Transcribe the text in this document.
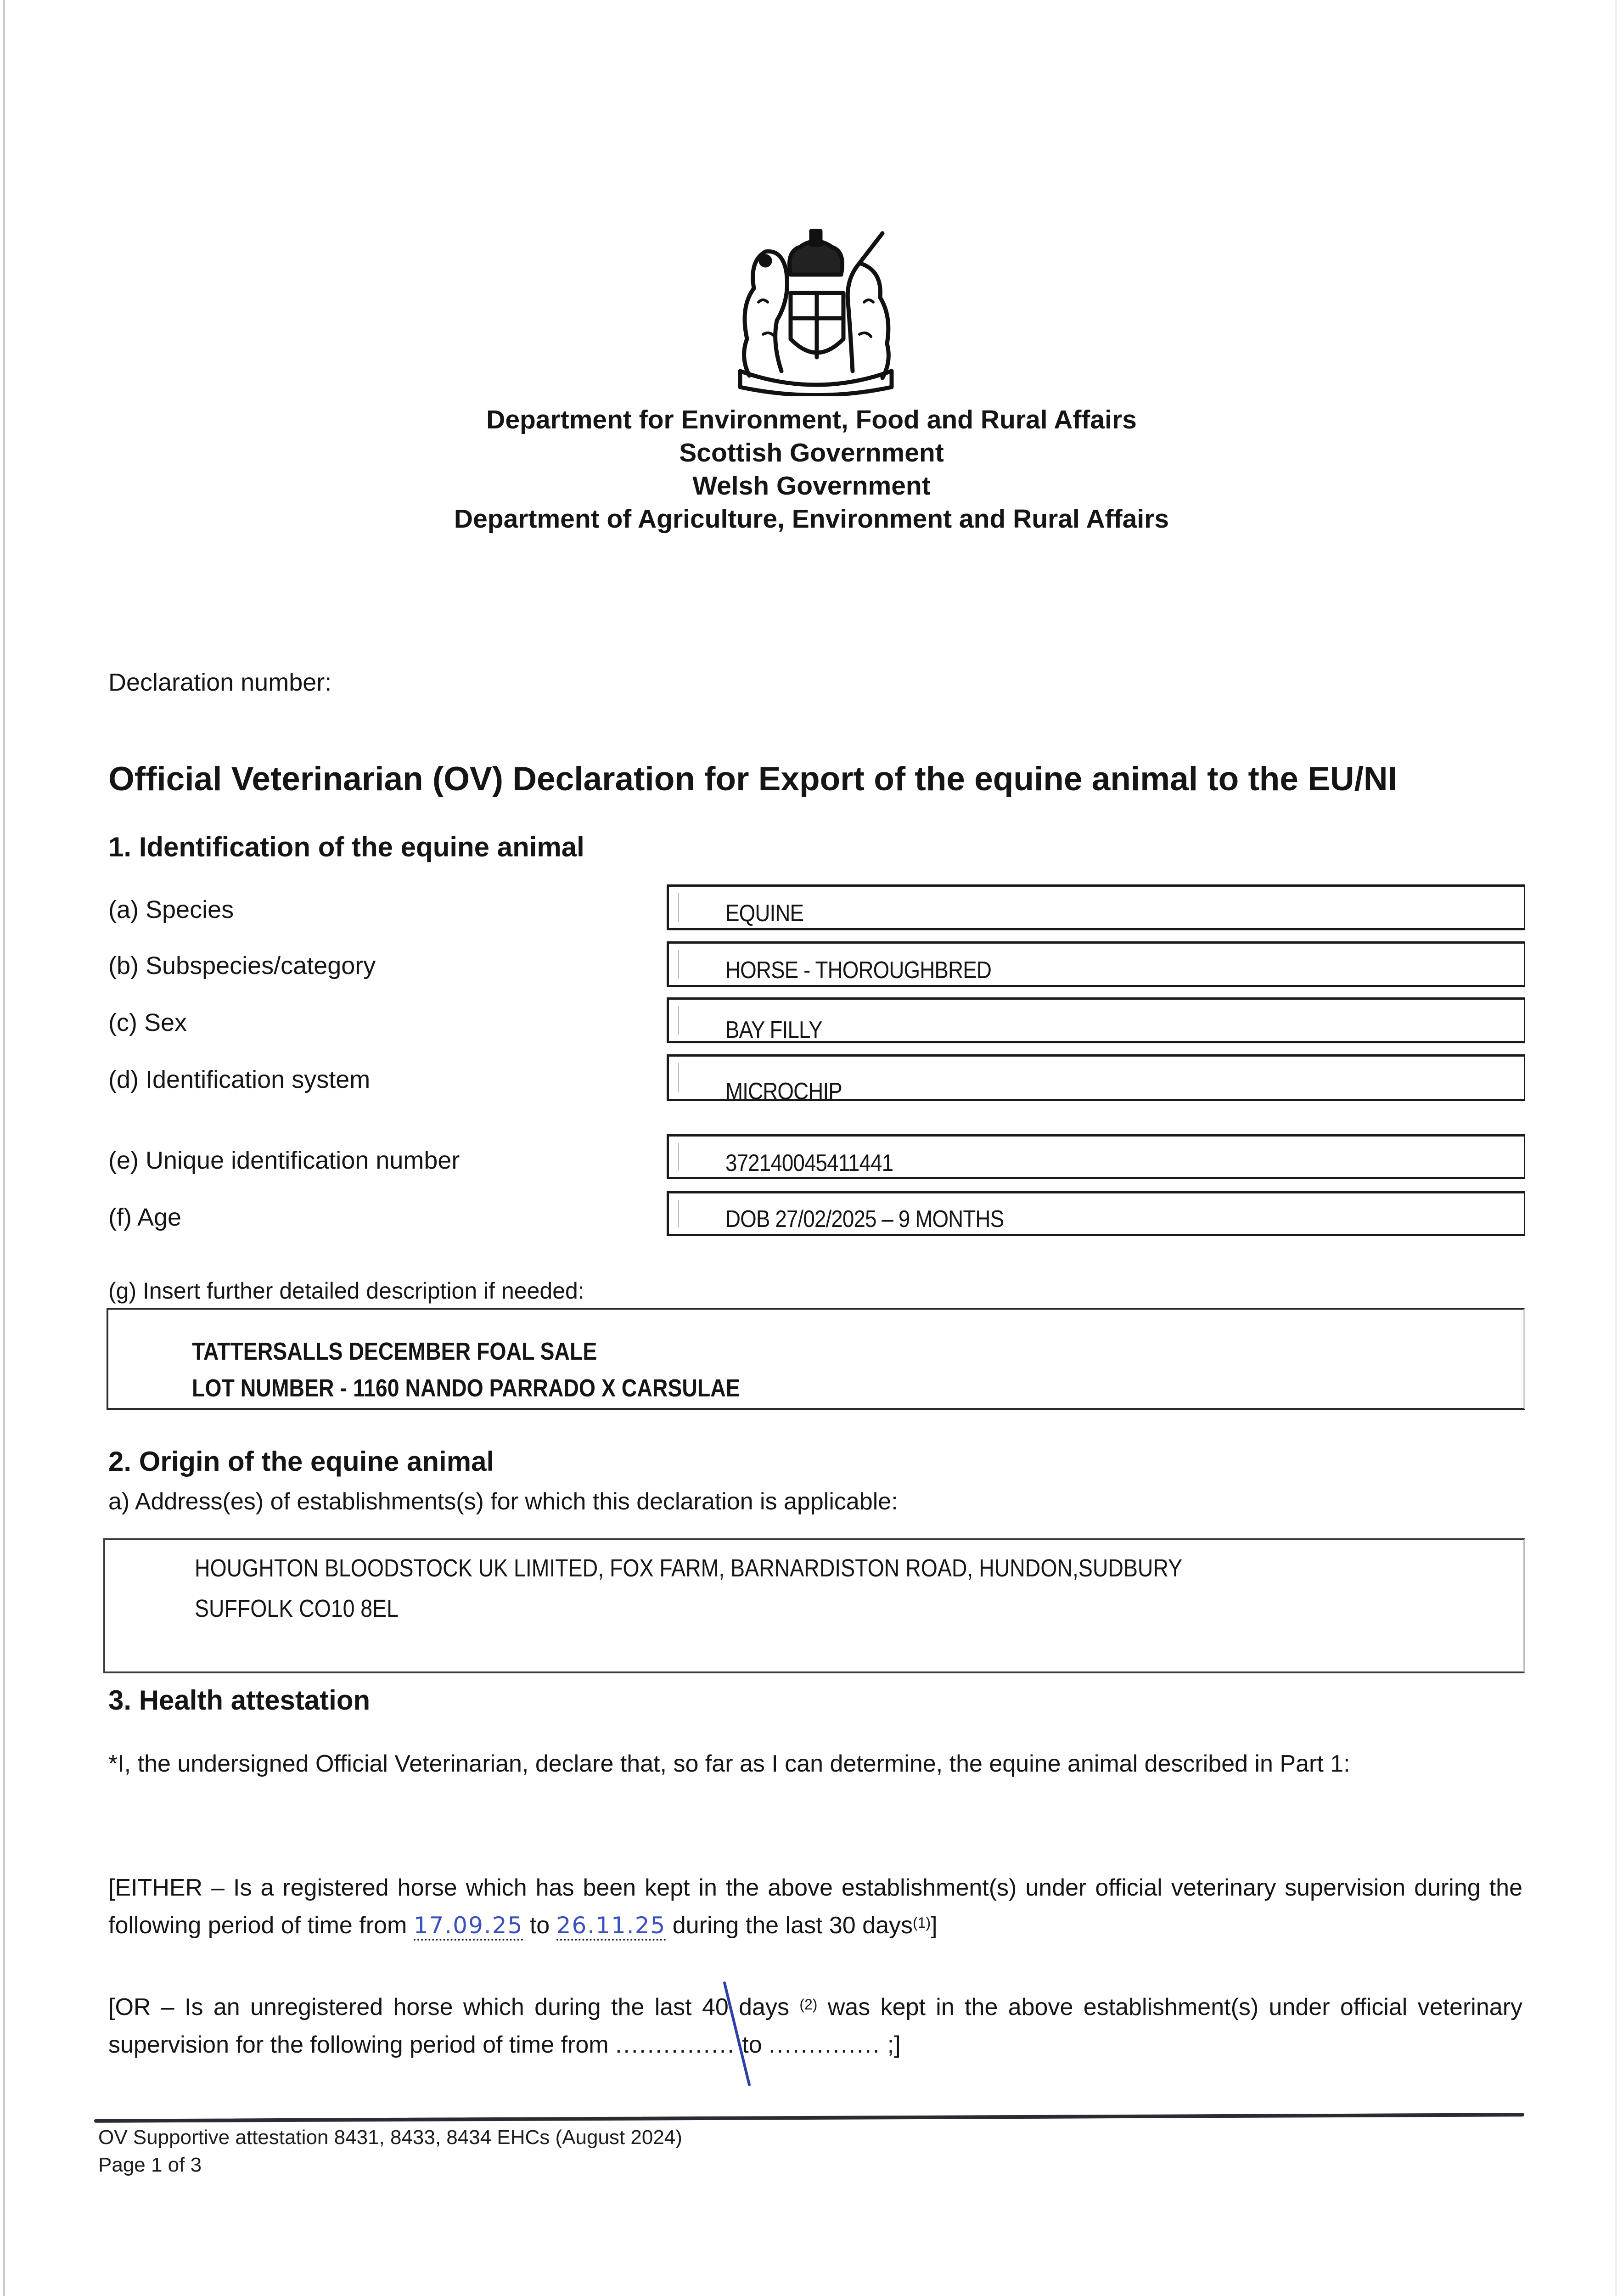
Department for Environment, Food and Rural Affairs
Scottish Government
Welsh Government
Department of Agriculture, Environment and Rural Affairs
Declaration number:
Official Veterinarian (OV) Declaration for Export of the equine animal to the EU/NI
1. Identification of the equine animal
(a) Species	EQUINE
(b) Subspecies/category	HORSE - THOROUGHBRED
(c) Sex	BAY FILLY
(d) Identification system	MICROCHIP
(e) Unique identification number	372140045411441
(f) Age	DOB 27/02/2025 – 9 MONTHS
(g) Insert further detailed description if needed:
TATTERSALLS DECEMBER FOAL SALE
LOT NUMBER - 1160 NANDO PARRADO X CARSULAE
2. Origin of the equine animal
a) Address(es) of establishments(s) for which this declaration is applicable:
HOUGHTON BLOODSTOCK UK LIMITED, FOX FARM, BARNARDISTON ROAD, HUNDON,SUDBURY
SUFFOLK CO10 8EL
3. Health attestation
*I, the undersigned Official Veterinarian, declare that, so far as I can determine, the equine animal described in Part 1:
[EITHER – Is a registered horse which has been kept in the above establishment(s) under official veterinary supervision during the following period of time from 17.09.25 to 26.11.25 during the last 30 days$^{(1)}$]
[OR – Is an unregistered horse which during the last 40 days $^{(2)}$ was kept in the above establishment(s) under official veterinary supervision for the following period of time from ............... to .............. ;]
OV Supportive attestation 8431, 8433, 8434 EHCs (August 2024)
Page 1 of 3
